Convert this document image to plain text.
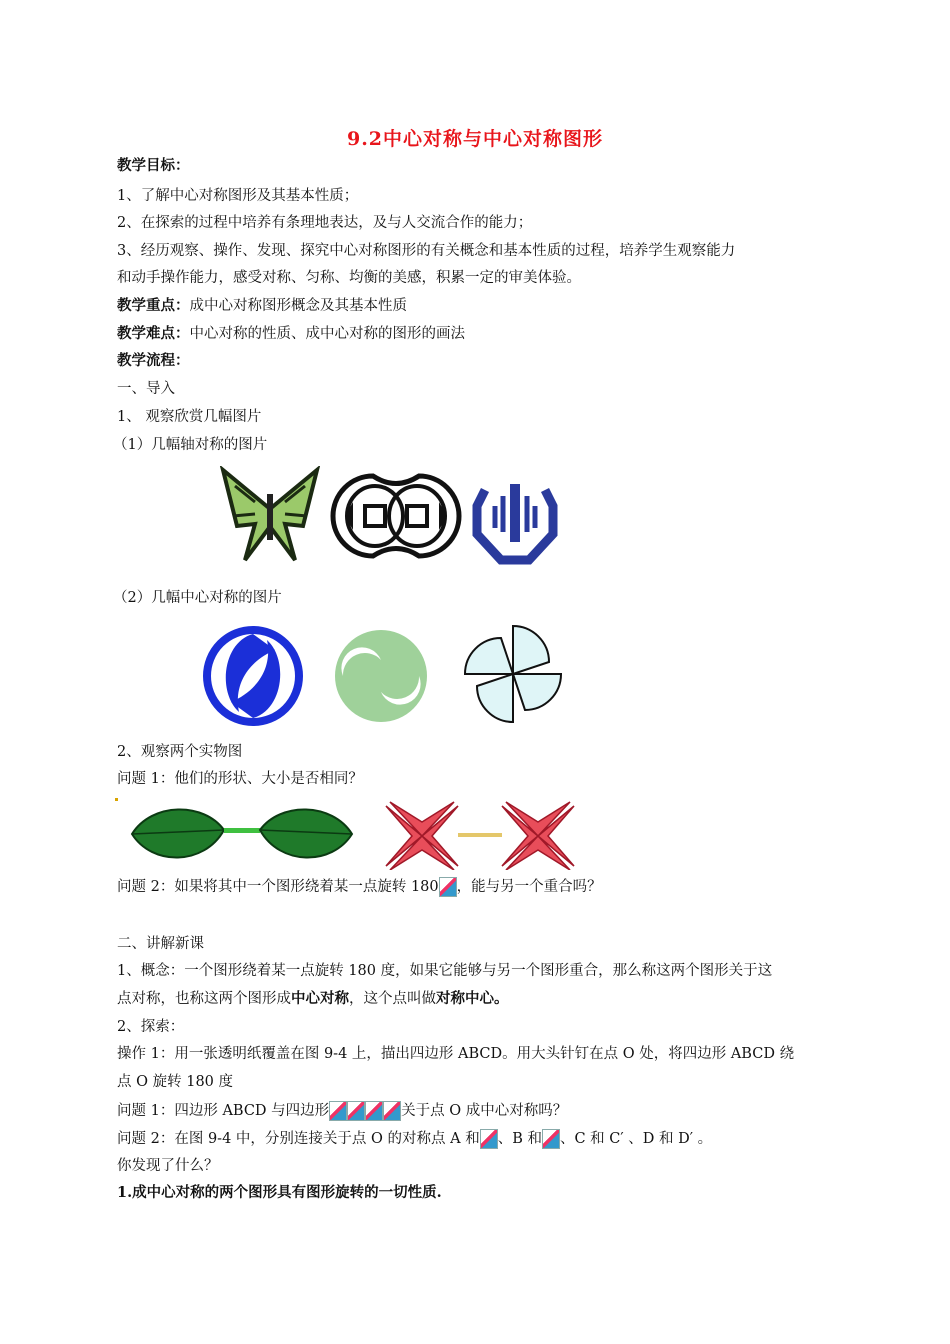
9.2中心对称与中心对称图形
教学目标：
1、了解中心对称图形及其基本性质；
2、在探索的过程中培养有条理地表达，及与人交流合作的能力；
3、经历观察、操作、发现、探究中心对称图形的有关概念和基本性质的过程，培养学生观察能力
和动手操作能力，感受对称、匀称、均衡的美感，积累一定的审美体验。
教学重点：成中心对称图形概念及其基本性质
教学难点：中心对称的性质、成中心对称的图形的画法
教学流程：
一、导入
1、 观察欣赏几幅图片
（1）几幅轴对称的图片
（2）几幅中心对称的图片
2、观察两个实物图
问题 1：他们的形状、大小是否相同？
问题 2：如果将其中一个图形绕着某一点旋转 180 ，能与另一个重合吗？
二、讲解新课
1、概念：一个图形绕着某一点旋转 180 度，如果它能够与另一个图形重合，那么称这两个图形关于这
点对称，也称这两个图形成中心对称，这个点叫做对称中心。
2、探索：
操作 1：用一张透明纸覆盖在图 9-4 上，描出四边形 ABCD。用大头针钉在点 O 处，将四边形 ABCD 绕
点 O 旋转 180 度
问题 1：四边形 ABCD 与四边形	关于点 O 成中心对称吗？
问题 2：在图 9-4 中，分别连接关于点 O 的对称点 A 和 、B 和 、C 和 C′ 、D 和 D′ 。
你发现了什么？
1.成中心对称的两个图形具有图形旋转的一切性质.
